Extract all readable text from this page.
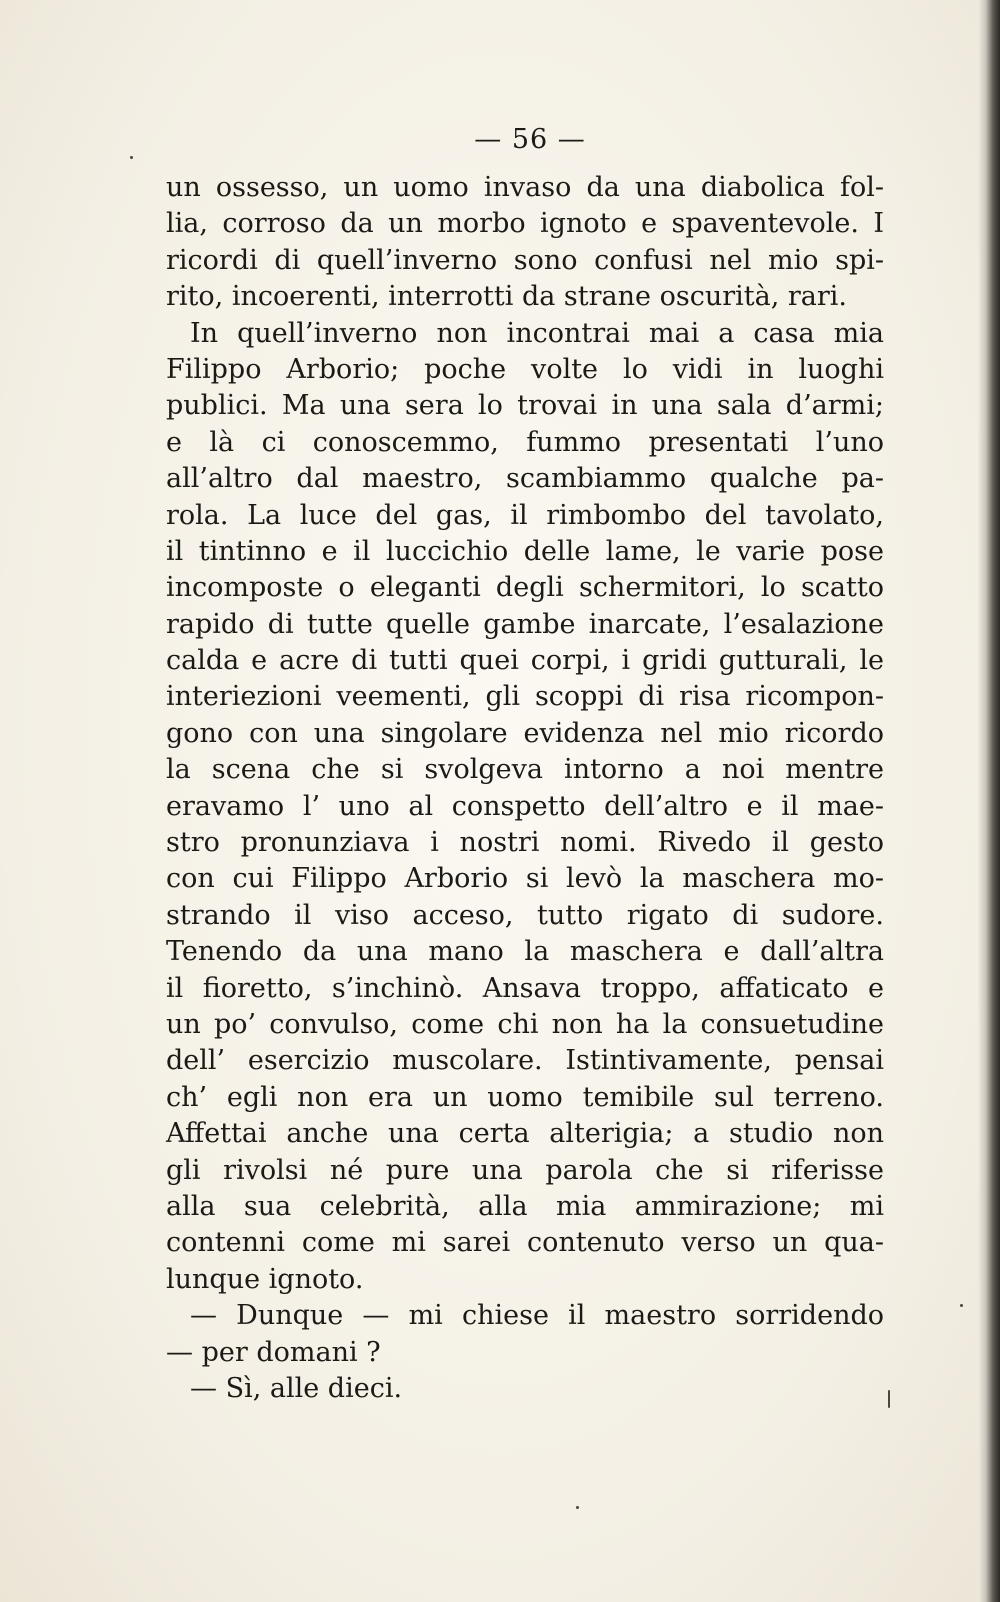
— 56 —
un ossesso, un uomo invaso da una diabolica fol-
lia, corroso da un morbo ignoto e spaventevole. I
ricordi di quell’inverno sono confusi nel mio spi-
rito, incoerenti, interrotti da strane oscurità, rari.
In quell’inverno non incontrai mai a casa mia
Filippo Arborio; poche volte lo vidi in luoghi
publici. Ma una sera lo trovai in una sala d’armi;
e là ci conoscemmo, fummo presentati l’uno
all’altro dal maestro, scambiammo qualche pa-
rola. La luce del gas, il rimbombo del tavolato,
il tintinno e il luccichio delle lame, le varie pose
incomposte o eleganti degli schermitori, lo scatto
rapido di tutte quelle gambe inarcate, l’esalazione
calda e acre di tutti quei corpi, i gridi gutturali, le
interiezioni veementi, gli scoppi di risa ricompon-
gono con una singolare evidenza nel mio ricordo
la scena che si svolgeva intorno a noi mentre
eravamo l’ uno al conspetto dell’altro e il mae-
stro pronunziava i nostri nomi. Rivedo il gesto
con cui Filippo Arborio si levò la maschera mo-
strando il viso acceso, tutto rigato di sudore.
Tenendo da una mano la maschera e dall’altra
il fioretto, s’inchinò. Ansava troppo, affaticato e
un po’ convulso, come chi non ha la consuetudine
dell’ esercizio muscolare. Istintivamente, pensai
ch’ egli non era un uomo temibile sul terreno.
Affettai anche una certa alterigia; a studio non
gli rivolsi né pure una parola che si riferisse
alla sua celebrità, alla mia ammirazione; mi
contenni come mi sarei contenuto verso un qua-
lunque ignoto.
— Dunque — mi chiese il maestro sorridendo
— per domani ?
— Sì, alle dieci.
